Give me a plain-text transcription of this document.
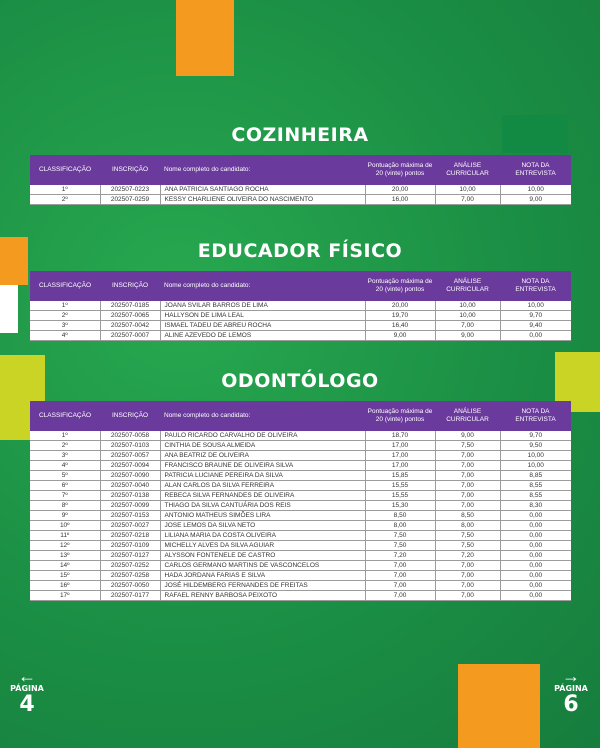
COZINHEIRA
CLASSIFICAÇÃO	INSCRIÇÃO	Nome completo do candidato:	Pontuação máxima de 20 (vinte) pontos	ANÁLISE CURRICULAR	NOTA DA ENTREVISTA
1º	202507-0223	ANA PATRICIA SANTIAGO ROCHA	20,00	10,00	10,00
2º	202507-0259	KESSY CHARLIENE OLIVEIRA DO NASCIMENTO	16,00	7,00	9,00
EDUCADOR FÍSICO
CLASSIFICAÇÃO	INSCRIÇÃO	Nome completo do candidato:	Pontuação máxima de 20 (vinte) pontos	ANÁLISE CURRICULAR	NOTA DA ENTREVISTA
1º	202507-0185	JOANA SVILAR BARROS DE LIMA	20,00	10,00	10,00
2º	202507-0065	HALLYSON DE LIMA LEAL	19,70	10,00	9,70
3º	202507-0042	ISMAEL TADEU DE ABREU ROCHA	16,40	7,00	9,40
4º	202507-0007	ALINE AZEVEDO DE LEMOS	9,00	9,00	0,00
ODONTÓLOGO
CLASSIFICAÇÃO	INSCRIÇÃO	Nome completo do candidato:	Pontuação máxima de 20 (vinte) pontos	ANÁLISE CURRICULAR	NOTA DA ENTREVISTA
1º	202507-0058	PAULO RICARDO CARVALHO DE OLIVEIRA	18,70	9,00	9,70
2º	202507-0103	CINTHIA DE SOUSA ALMEIDA	17,00	7,50	9,50
3º	202507-0057	ANA BEATRIZ DE OLIVEIRA	17,00	7,00	10,00
4º	202507-0094	FRANCISCO BRAUNE DE OLIVEIRA SILVA	17,00	7,00	10,00
5º	202507-0090	PATRICIA LUCIANE PEREIRA DA SILVA	15,85	7,00	8,85
6º	202507-0040	ALAN CARLOS DA SILVA FERREIRA	15,55	7,00	8,55
7º	202507-0138	REBECA SILVA FERNANDES DE OLIVEIRA	15,55	7,00	8,55
8º	202507-0099	THIAGO DA SILVA CANTUÁRIA DOS REIS	15,30	7,00	8,30
9º	202507-0153	ANTONIO MATHEUS SIMÕES LIRA	8,50	8,50	0,00
10º	202507-0027	JOSE LEMOS DA SILVA NETO	8,00	8,00	0,00
11º	202507-0218	LILIANA MARIA DA COSTA OLIVEIRA	7,50	7,50	0,00
12º	202507-0109	MICHELLY ALVES DA SILVA AGUIAR	7,50	7,50	0,00
13º	202507-0127	ALYSSON FONTENELE DE CASTRO	7,20	7,20	0,00
14º	202507-0252	CARLOS GERMANO MARTINS DE VASCONCELOS	7,00	7,00	0,00
15º	202507-0258	HADA JORDANA FARIAS E SILVA	7,00	7,00	0,00
16º	202507-0050	JOSÉ HILDEMBERG FERNANDES DE FREITAS	7,00	7,00	0,00
17º	202507-0177	RAFAEL RENNY BARBOSA PEIXOTO	7,00	7,00	0,00
←
PÁGINA
4
→
PÁGINA
6
